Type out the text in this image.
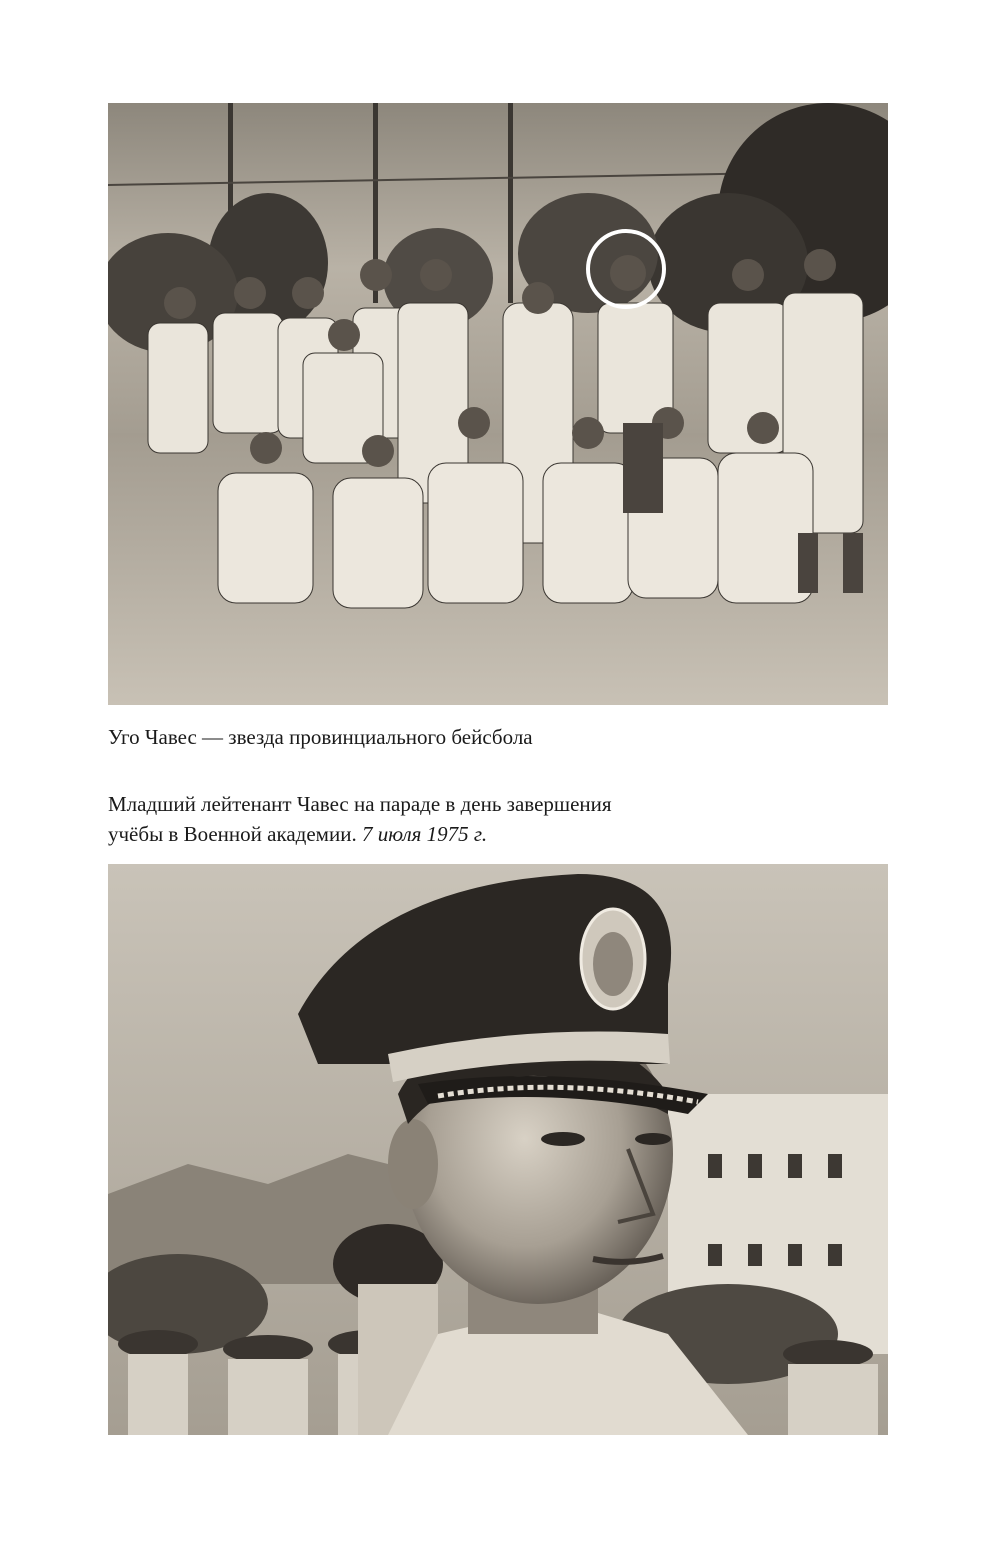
Уго Чавес — звезда провинциального бейсбола

Младший лейтенант Чавес на параде в день завершения
учёбы в Военной академии. 7 июля 1975 г.
